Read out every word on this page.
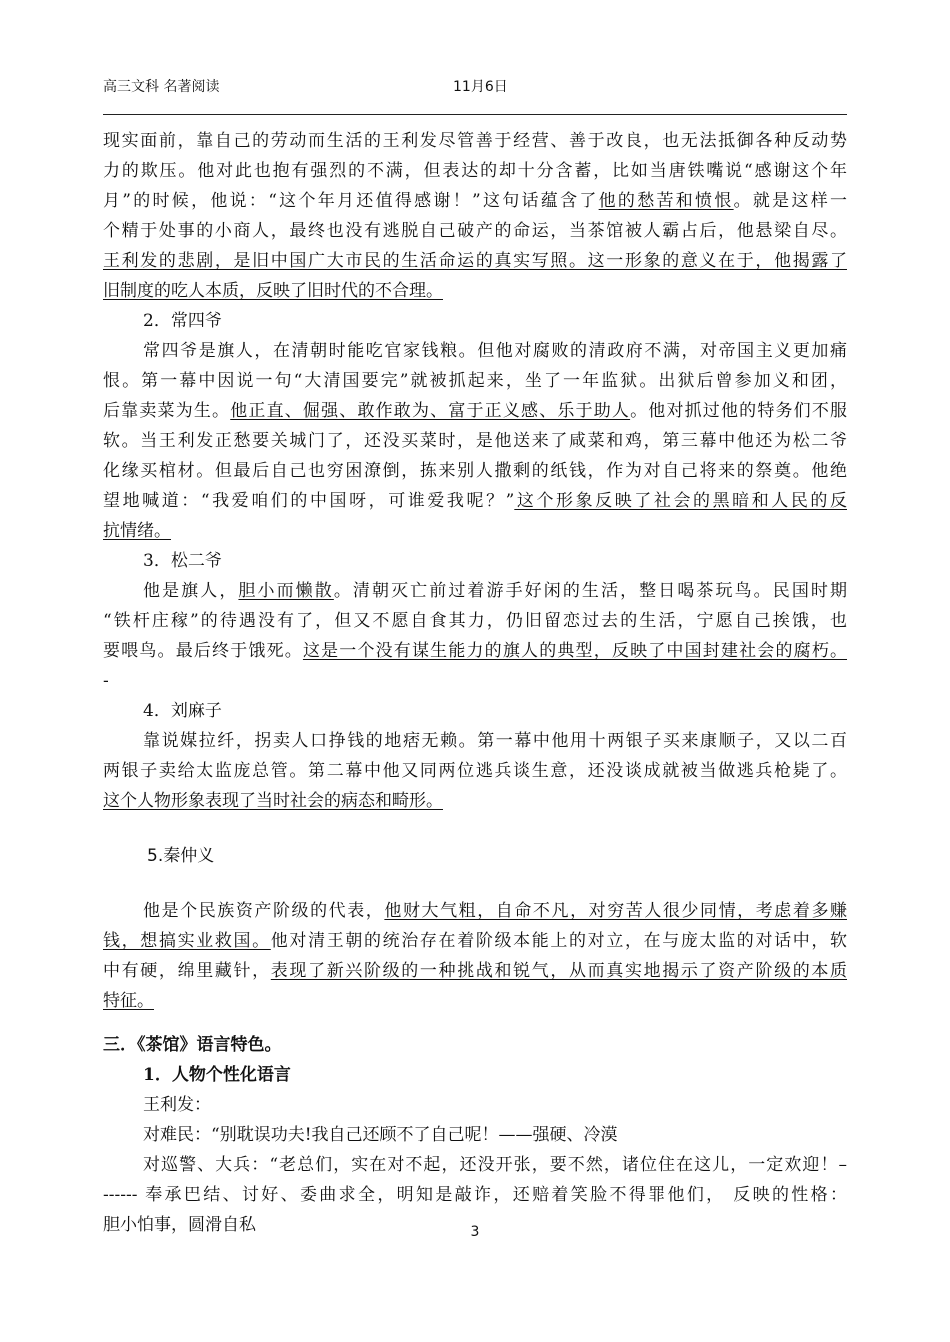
高三文科 名著阅读	11月6日
现实面前，靠自己的劳动而生活的王利发尽管善于经营、善于改良，也无法抵御各种反动势
力的欺压。他对此也抱有强烈的不满，但表达的却十分含蓄，比如当唐铁嘴说“感谢这个年
月”的时候，他说：“这个年月还值得感谢！”这句话蕴含了他的愁苦和愤恨。就是这样一
个精于处事的小商人，最终也没有逃脱自己破产的命运，当茶馆被人霸占后，他悬梁自尽。
王利发的悲剧，是旧中国广大市民的生活命运的真实写照。这一形象的意义在于，他揭露了
旧制度的吃人本质，反映了旧时代的不合理。
2．常四爷
常四爷是旗人，在清朝时能吃官家钱粮。但他对腐败的清政府不满，对帝国主义更加痛
恨。第一幕中因说一句“大清国要完”就被抓起来，坐了一年监狱。出狱后曾参加义和团，
后靠卖菜为生。他正直、倔强、敢作敢为、富于正义感、乐于助人。他对抓过他的特务们不服
软。当王利发正愁要关城门了，还没买菜时，是他送来了咸菜和鸡，第三幕中他还为松二爷
化缘买棺材。但最后自己也穷困潦倒，拣来别人撒剩的纸钱，作为对自己将来的祭奠。他绝
望地喊道：“我爱咱们的中国呀，可谁爱我呢？”这个形象反映了社会的黑暗和人民的反
抗情绪。
3．松二爷
他是旗人，胆小而懒散。清朝灭亡前过着游手好闲的生活，整日喝茶玩鸟。民国时期
“铁杆庄稼”的待遇没有了，但又不愿自食其力，仍旧留恋过去的生活，宁愿自己挨饿，也
要喂鸟。最后终于饿死。这是一个没有谋生能力的旗人的典型，反映了中国封建社会的腐朽。
-
4．刘麻子
靠说媒拉纤，拐卖人口挣钱的地痞无赖。第一幕中他用十两银子买来康顺子，又以二百
两银子卖给太监庞总管。第二幕中他又同两位逃兵谈生意，还没谈成就被当做逃兵枪毙了。
这个人物形象表现了当时社会的病态和畸形。
5.秦仲义
他是个民族资产阶级的代表，他财大气粗，自命不凡，对穷苦人很少同情，考虑着多赚
钱，想搞实业救国。他对清王朝的统治存在着阶级本能上的对立，在与庞太监的对话中，软
中有硬，绵里藏针，表现了新兴阶级的一种挑战和锐气，从而真实地揭示了资产阶级的本质
特征。
三．《茶馆》语言特色。
1．人物个性化语言
王利发：
对难民：“别耽误功夫!我自己还顾不了自己呢！——强硬、冷漠
对巡警、大兵：“老总们，实在对不起，还没开张，要不然，诸位住在这儿，一定欢迎！–
------ 奉承巴结、讨好、委曲求全，明知是敲诈，还赔着笑脸不得罪他们， 反映的性格：
胆小怕事，圆滑自私	3
